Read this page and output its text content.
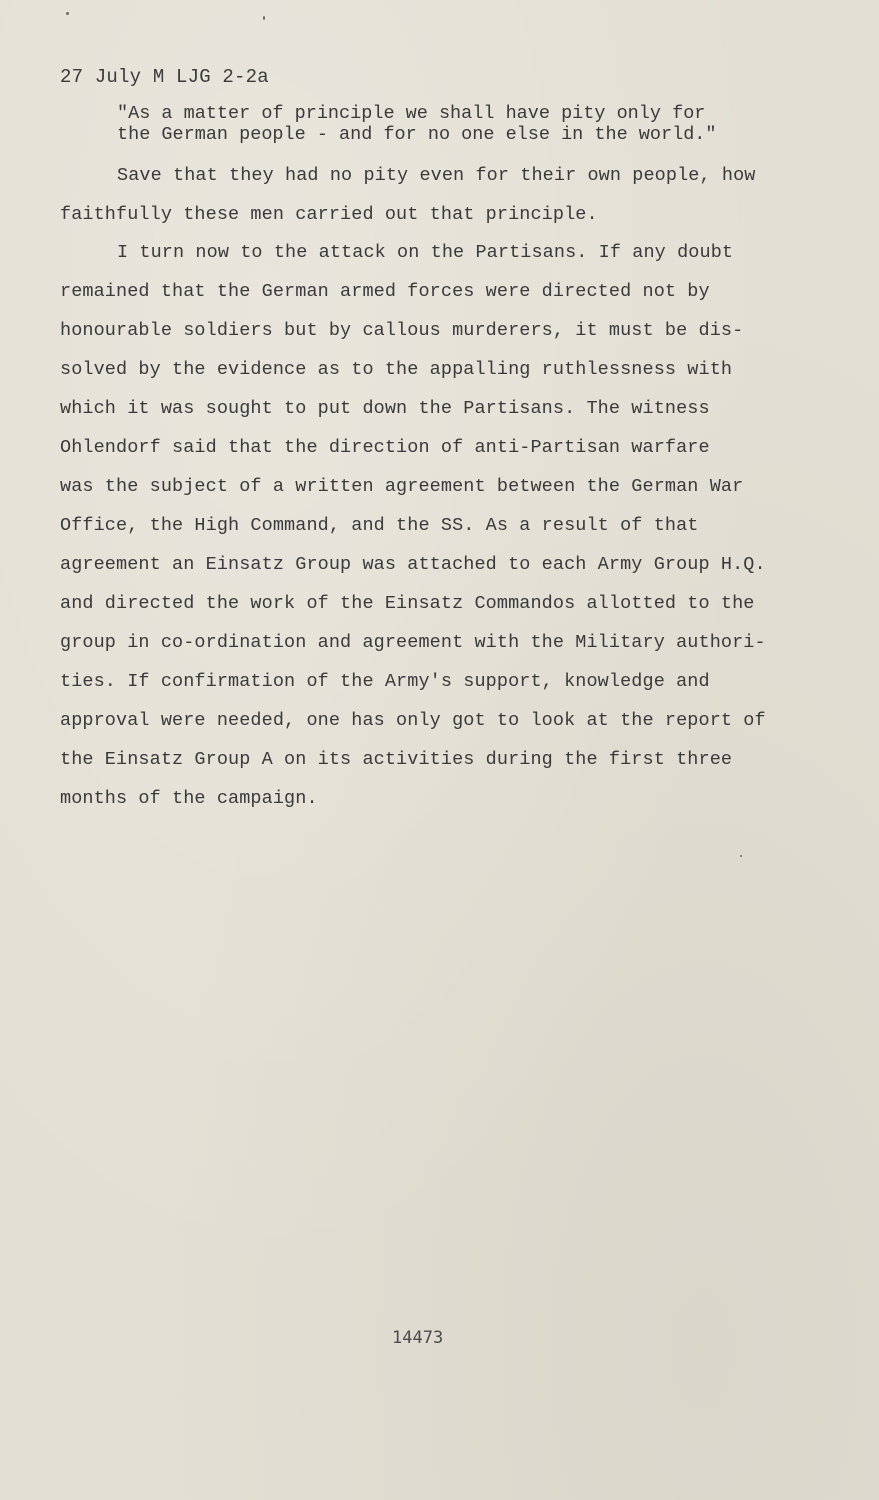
27 July M LJG 2-2a
"As a matter of principle we shall have pity only for
the German people - and for no one else in the world."
Save that they had no pity even for their own people, how
faithfully these men carried out that principle.
I turn now to the attack on the Partisans. If any doubt
remained that the German armed forces were directed not by
honourable soldiers but by callous murderers, it must be dis-
solved by the evidence as to the appalling ruthlessness with
which it was sought to put down the Partisans. The witness
Ohlendorf said that the direction of anti-Partisan warfare
was the subject of a written agreement between the German War
Office, the High Command, and the SS. As a result of that
agreement an Einsatz Group was attached to each Army Group H.Q.
and directed the work of the Einsatz Commandos allotted to the
group in co-ordination and agreement with the Military authori-
ties. If confirmation of the Army's support, knowledge and
approval were needed, one has only got to look at the report of
the Einsatz Group A on its activities during the first three
months of the campaign.
14473
